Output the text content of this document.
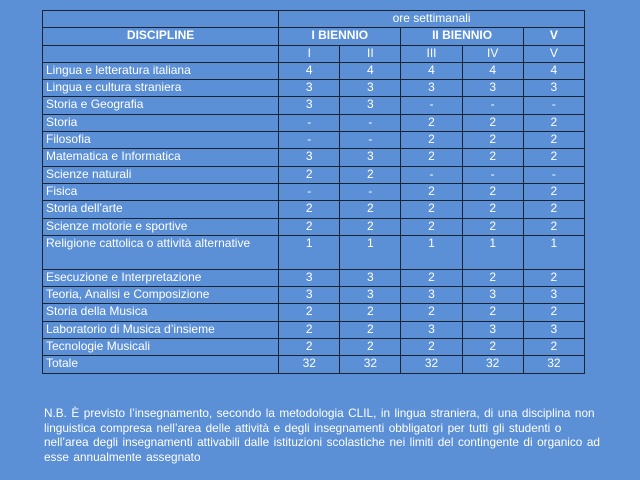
	ore settimanali				
DISCIPLINE	I BIENNIO		II BIENNIO		V
	I	II	III	IV	V
Lingua e letteratura italiana	4	4	4	4	4
Lingua e cultura straniera	3	3	3	3	3
Storia e Geografia	3	3	-	-	-
Storia	-	-	2	2	2
Filosofia	-	-	2	2	2
Matematica e Informatica	3	3	2	2	2
Scienze naturali	2	2	-	-	-
Fisica	-	-	2	2	2
Storia dell’arte	2	2	2	2	2
Scienze motorie e sportive	2	2	2	2	2
Religione cattolica o attività alternative	1	1	1	1	1
Esecuzione e Interpretazione	3	3	2	2	2
Teoria, Analisi e Composizione	3	3	3	3	3
Storia della Musica	2	2	2	2	2
Laboratorio di Musica d’insieme	2	2	3	3	3
Tecnologie Musicali	2	2	2	2	2
Totale	32	32	32	32	32
N.B. È previsto l’insegnamento, secondo la metodologia CLIL, in lingua straniera, di una disciplina non linguistica compresa nell’area delle attività e degli insegnamenti obbligatori per tutti gli studenti o nell’area degli insegnamenti attivabili dalle istituzioni scolastiche nei limiti del contingente di organico ad esse annualmente assegnato
